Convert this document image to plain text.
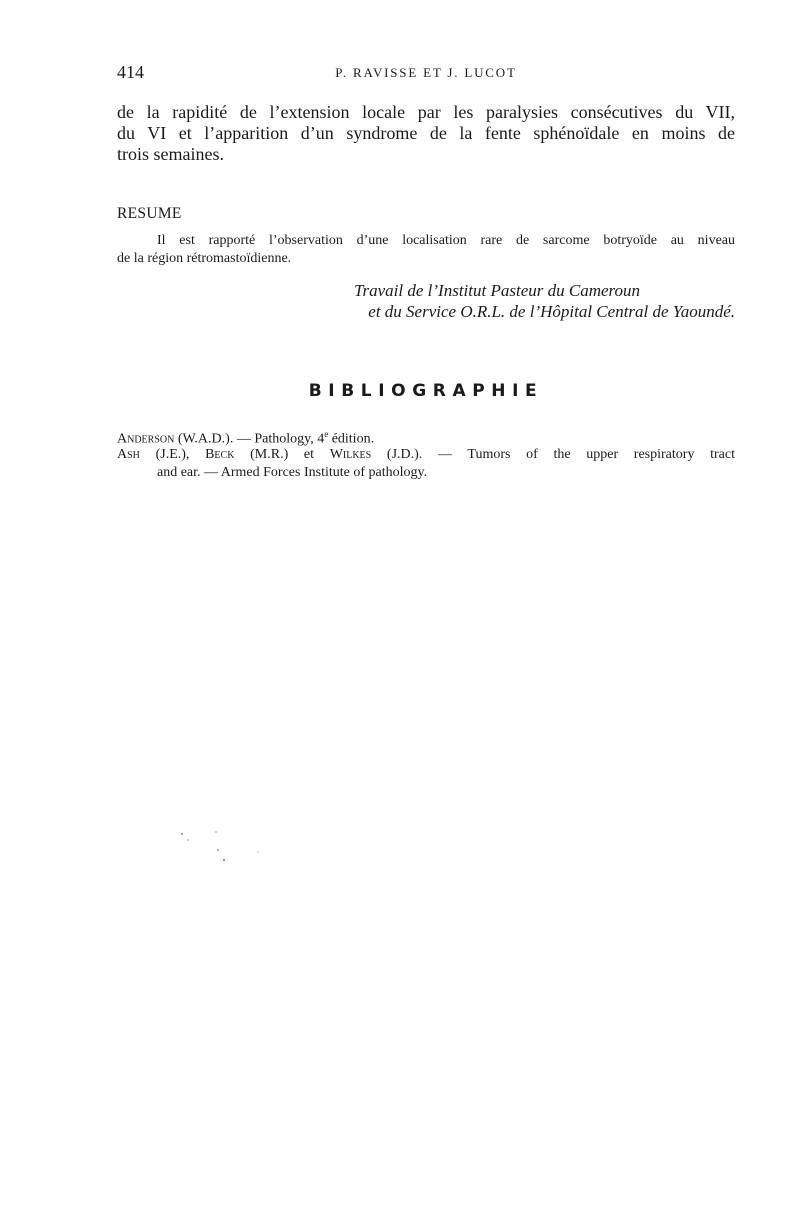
414	P. RAVISSE ET J. LUCOT
de la rapidité de l’extension locale par les paralysies consécutives du VII,
du VI et l’apparition d’un syndrome de la fente sphénoïdale en moins de
trois semaines.
RESUME
Il est rapporté l’observation d’une localisation rare de sarcome botryoïde au niveau
de la région rétromastoïdienne.
Travail de l’Institut Pasteur du Cameroun
et du Service O.R.L. de l’Hôpital Central de Yaoundé.
BIBLIOGRAPHIE
Anderson (W.A.D.). — Pathology, 4e édition.
Ash (J.E.), Beck (M.R.) et Wilkes (J.D.). — Tumors of the upper respiratory tract
and ear. — Armed Forces Institute of pathology.
